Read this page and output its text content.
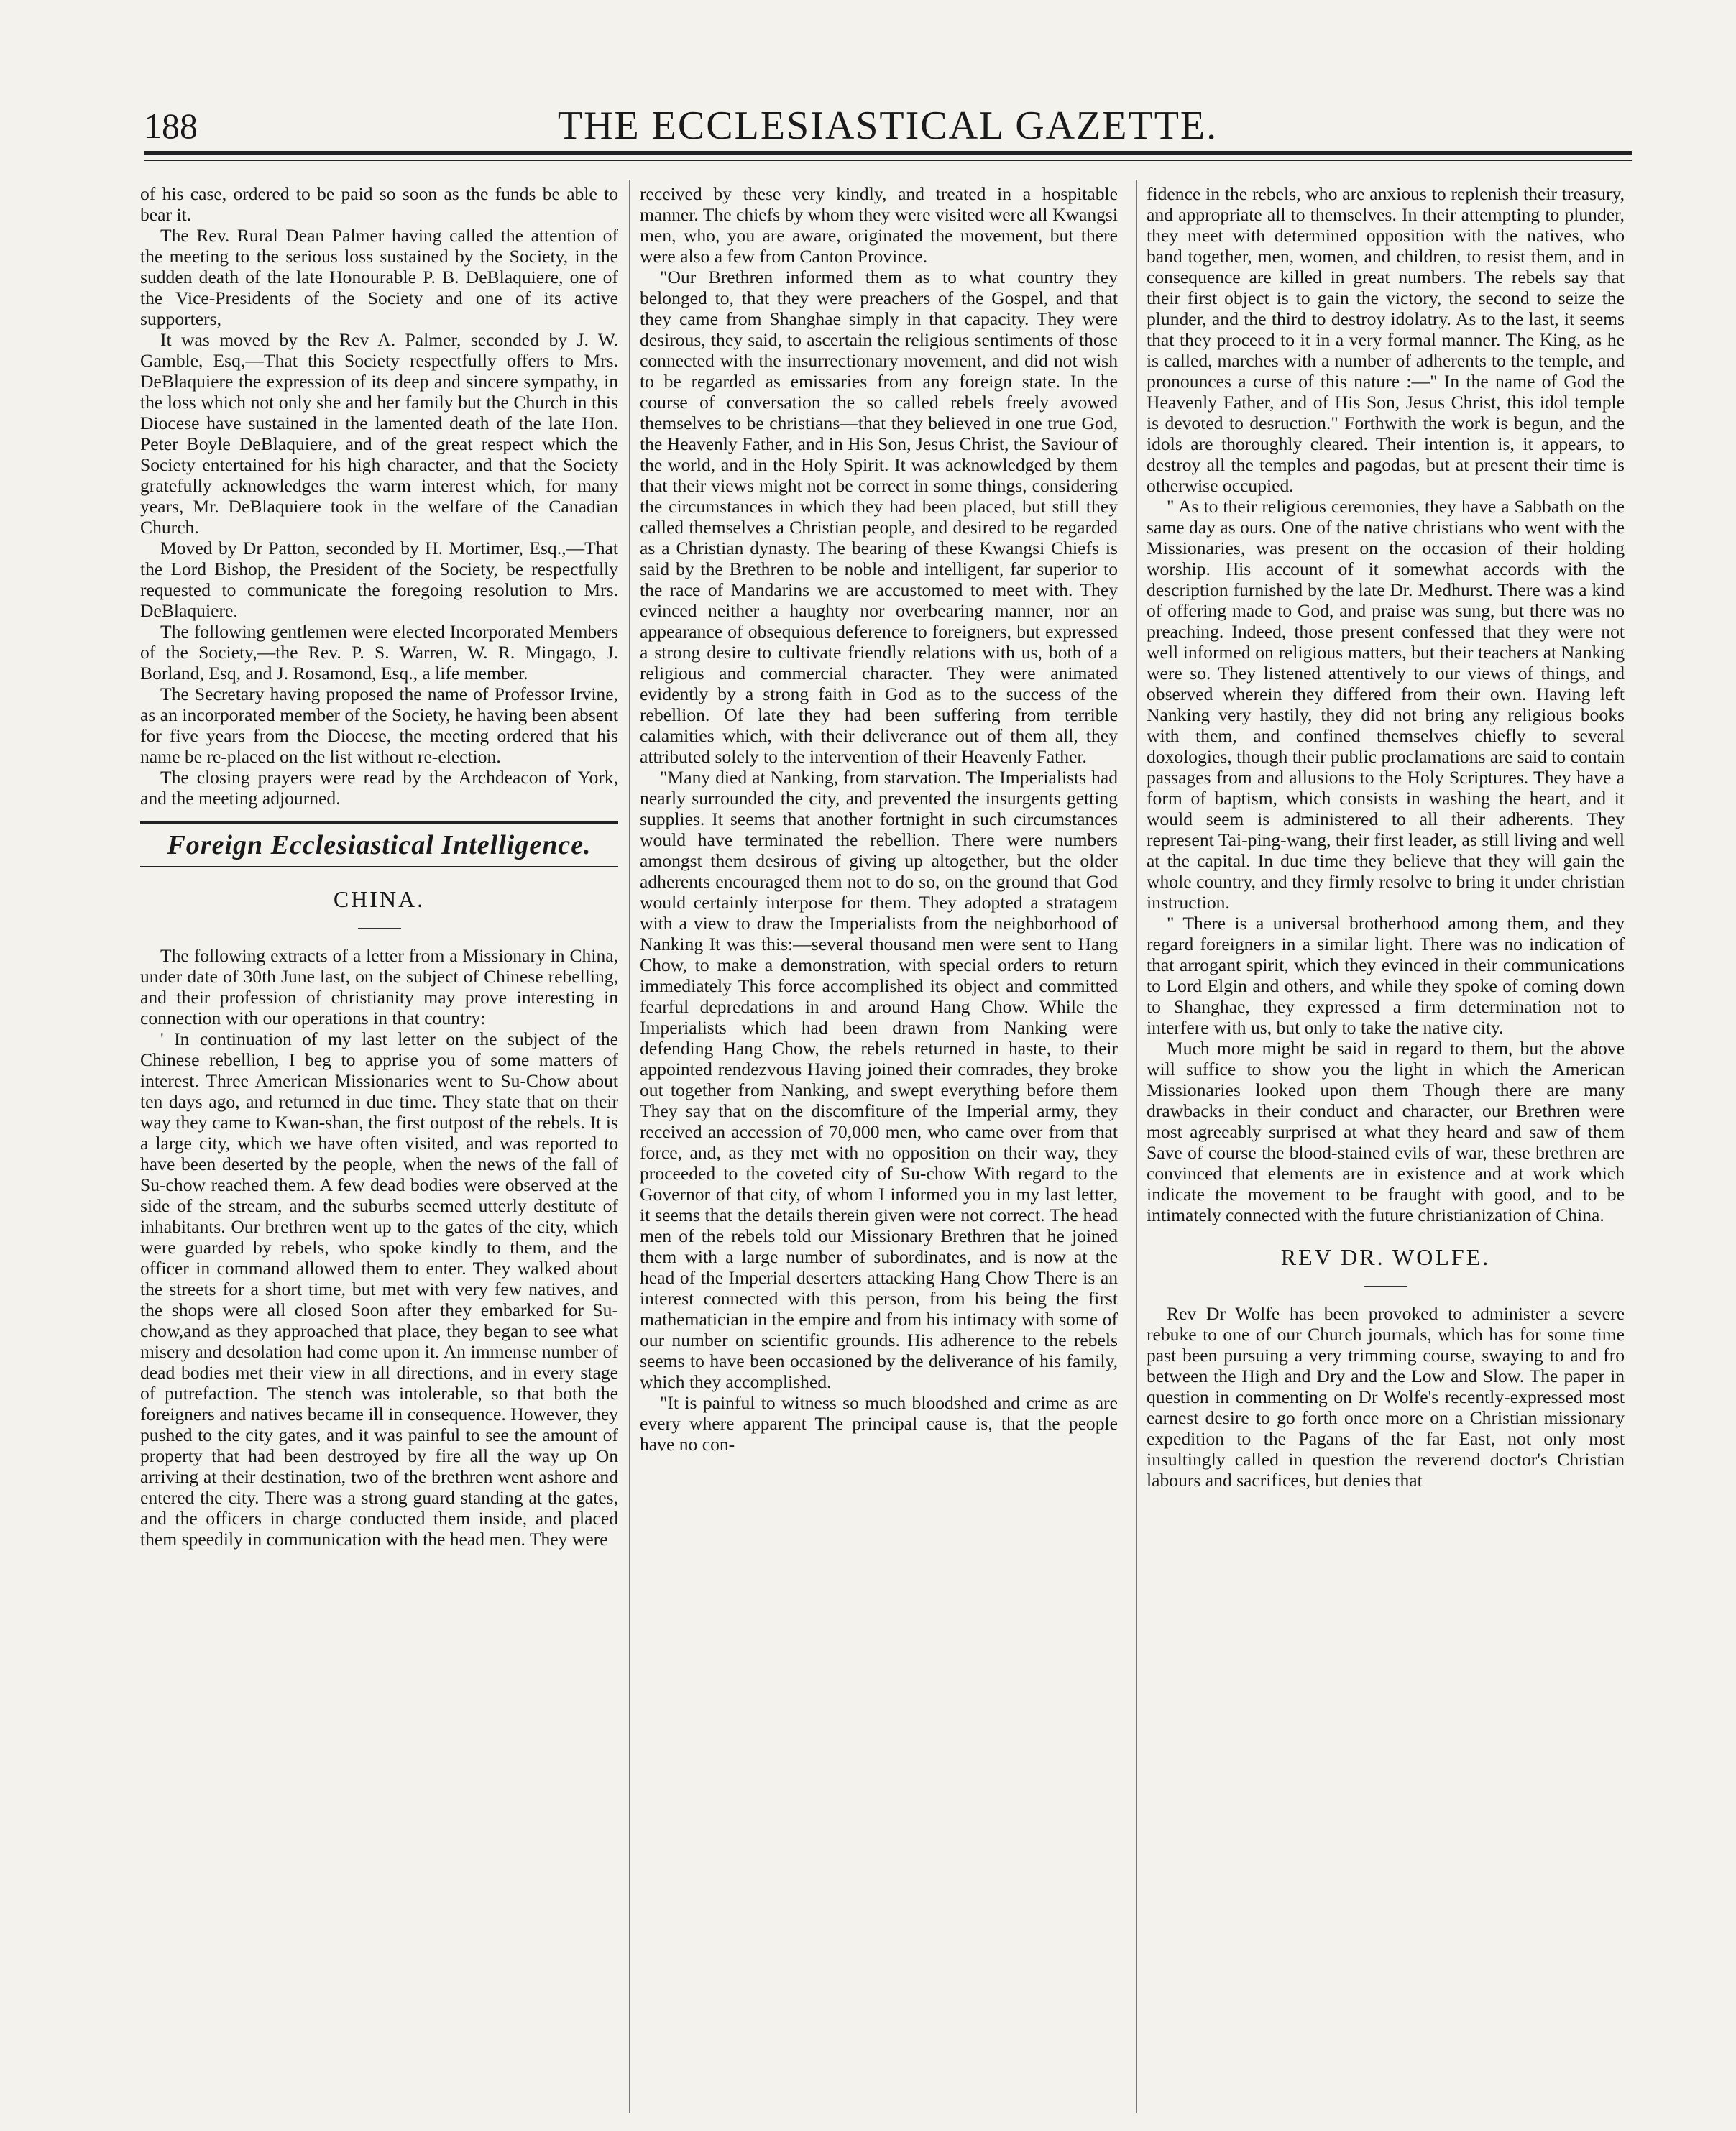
188	THE ECCLESIASTICAL GAZETTE.

of his case, ordered to be paid so soon as the funds be able to bear it.

The Rev. Rural Dean Palmer having called the attention of the meeting to the serious loss sustained by the Society, in the sudden death of the late Honourable P. B. DeBlaquiere, one of the Vice-Presidents of the Society and one of its active supporters,

It was moved by the Rev A. Palmer, seconded by J. W. Gamble, Esq,—That this Society respectfully offers to Mrs. DeBlaquiere the expression of its deep and sincere sympathy, in the loss which not only she and her family but the Church in this Diocese have sustained in the lamented death of the late Hon. Peter Boyle DeBlaquiere, and of the great respect which the Society entertained for his high character, and that the Society gratefully acknowledges the warm interest which, for many years, Mr. DeBlaquiere took in the welfare of the Canadian Church.

Moved by Dr Patton, seconded by H. Mortimer, Esq.,—That the Lord Bishop, the President of the Society, be respectfully requested to communicate the foregoing resolution to Mrs. DeBlaquiere.

The following gentlemen were elected Incorporated Members of the Society,—the Rev. P. S. Warren, W. R. Mingago, J. Borland, Esq, and J. Rosamond, Esq., a life member.

The Secretary having proposed the name of Professor Irvine, as an incorporated member of the Society, he having been absent for five years from the Diocese, the meeting ordered that his name be re-placed on the list without re-election.

The closing prayers were read by the Archdeacon of York, and the meeting adjourned.

Foreign Ecclesiastical Intelligence.
CHINA.

The following extracts of a letter from a Missionary in China, under date of 30th June last, on the subject of Chinese rebelling, and their profession of christianity may prove interesting in connection with our operations in that country:

' In continuation of my last letter on the subject of the Chinese rebellion, I beg to apprise you of some matters of interest. Three American Missionaries went to Su-Chow about ten days ago, and returned in due time. They state that on their way they came to Kwan-shan, the first outpost of the rebels. It is a large city, which we have often visited, and was reported to have been deserted by the people, when the news of the fall of Su-chow reached them. A few dead bodies were observed at the side of the stream, and the suburbs seemed utterly destitute of inhabitants. Our brethren went up to the gates of the city, which were guarded by rebels, who spoke kindly to them, and the officer in command allowed them to enter. They walked about the streets for a short time, but met with very few natives, and the shops were all closed Soon after they embarked for Su-chow,and as they approached that place, they began to see what misery and desolation had come upon it. An immense number of dead bodies met their view in all directions, and in every stage of putrefaction. The stench was intolerable, so that both the foreigners and natives became ill in consequence. However, they pushed to the city gates, and it was painful to see the amount of property that had been destroyed by fire all the way up On arriving at their destination, two of the brethren went ashore and entered the city. There was a strong guard standing at the gates, and the officers in charge conducted them inside, and placed them speedily in communication with the head men. They were

received by these very kindly, and treated in a hospitable manner. The chiefs by whom they were visited were all Kwangsi men, who, you are aware, originated the movement, but there were also a few from Canton Province.

"Our Brethren informed them as to what country they belonged to, that they were preachers of the Gospel, and that they came from Shanghae simply in that capacity. They were desirous, they said, to ascertain the religious sentiments of those connected with the insurrectionary movement, and did not wish to be regarded as emissaries from any foreign state. In the course of conversation the so called rebels freely avowed themselves to be christians—that they believed in one true God, the Heavenly Father, and in His Son, Jesus Christ, the Saviour of the world, and in the Holy Spirit. It was acknowledged by them that their views might not be correct in some things, considering the circumstances in which they had been placed, but still they called themselves a Christian people, and desired to be regarded as a Christian dynasty. The bearing of these Kwangsi Chiefs is said by the Brethren to be noble and intelligent, far superior to the race of Mandarins we are accustomed to meet with. They evinced neither a haughty nor overbearing manner, nor an appearance of obsequious deference to foreigners, but expressed a strong desire to cultivate friendly relations with us, both of a religious and commercial character. They were animated evidently by a strong faith in God as to the success of the rebellion. Of late they had been suffering from terrible calamities which, with their deliverance out of them all, they attributed solely to the intervention of their Heavenly Father.

"Many died at Nanking, from starvation. The Imperialists had nearly surrounded the city, and prevented the insurgents getting supplies. It seems that another fortnight in such circumstances would have terminated the rebellion. There were numbers amongst them desirous of giving up altogether, but the older adherents encouraged them not to do so, on the ground that God would certainly interpose for them. They adopted a stratagem with a view to draw the Imperialists from the neighborhood of Nanking It was this:—several thousand men were sent to Hang Chow, to make a demonstration, with special orders to return immediately This force accomplished its object and committed fearful depredations in and around Hang Chow. While the Imperialists which had been drawn from Nanking were defending Hang Chow, the rebels returned in haste, to their appointed rendezvous Having joined their comrades, they broke out together from Nanking, and swept everything before them They say that on the discomfiture of the Imperial army, they received an accession of 70,000 men, who came over from that force, and, as they met with no opposition on their way, they proceeded to the coveted city of Su-chow With regard to the Governor of that city, of whom I informed you in my last letter, it seems that the details therein given were not correct. The head men of the rebels told our Missionary Brethren that he joined them with a large number of subordinates, and is now at the head of the Imperial deserters attacking Hang Chow There is an interest connected with this person, from his being the first mathematician in the empire and from his intimacy with some of our number on scientific grounds. His adherence to the rebels seems to have been occasioned by the deliverance of his family, which they accomplished.

"It is painful to witness so much bloodshed and crime as are every where apparent The principal cause is, that the people have no con-

fidence in the rebels, who are anxious to replenish their treasury, and appropriate all to themselves. In their attempting to plunder, they meet with determined opposition with the natives, who band together, men, women, and children, to resist them, and in consequence are killed in great numbers. The rebels say that their first object is to gain the victory, the second to seize the plunder, and the third to destroy idolatry. As to the last, it seems that they proceed to it in a very formal manner. The King, as he is called, marches with a number of adherents to the temple, and pronounces a curse of this nature :—" In the name of God the Heavenly Father, and of His Son, Jesus Christ, this idol temple is devoted to desruction." Forthwith the work is begun, and the idols are thoroughly cleared. Their intention is, it appears, to destroy all the temples and pagodas, but at present their time is otherwise occupied.

" As to their religious ceremonies, they have a Sabbath on the same day as ours. One of the native christians who went with the Missionaries, was present on the occasion of their holding worship. His account of it somewhat accords with the description furnished by the late Dr. Medhurst. There was a kind of offering made to God, and praise was sung, but there was no preaching. Indeed, those present confessed that they were not well informed on religious matters, but their teachers at Nanking were so. They listened attentively to our views of things, and observed wherein they differed from their own. Having left Nanking very hastily, they did not bring any religious books with them, and confined themselves chiefly to several doxologies, though their public proclamations are said to contain passages from and allusions to the Holy Scriptures. They have a form of baptism, which consists in washing the heart, and it would seem is administered to all their adherents. They represent Tai-ping-wang, their first leader, as still living and well at the capital. In due time they believe that they will gain the whole country, and they firmly resolve to bring it under christian instruction.

" There is a universal brotherhood among them, and they regard foreigners in a similar light. There was no indication of that arrogant spirit, which they evinced in their communications to Lord Elgin and others, and while they spoke of coming down to Shanghae, they expressed a firm determination not to interfere with us, but only to take the native city.

Much more might be said in regard to them, but the above will suffice to show you the light in which the American Missionaries looked upon them Though there are many drawbacks in their conduct and character, our Brethren were most agreeably surprised at what they heard and saw of them Save of course the blood-stained evils of war, these brethren are convinced that elements are in existence and at work which indicate the movement to be fraught with good, and to be intimately connected with the future christianization of China.

REV DR. WOLFE.

Rev Dr Wolfe has been provoked to administer a severe rebuke to one of our Church journals, which has for some time past been pursuing a very trimming course, swaying to and fro between the High and Dry and the Low and Slow. The paper in question in commenting on Dr Wolfe's recently-expressed most earnest desire to go forth once more on a Christian missionary expedition to the Pagans of the far East, not only most insultingly called in question the reverend doctor's Christian labours and sacrifices, but denies that
